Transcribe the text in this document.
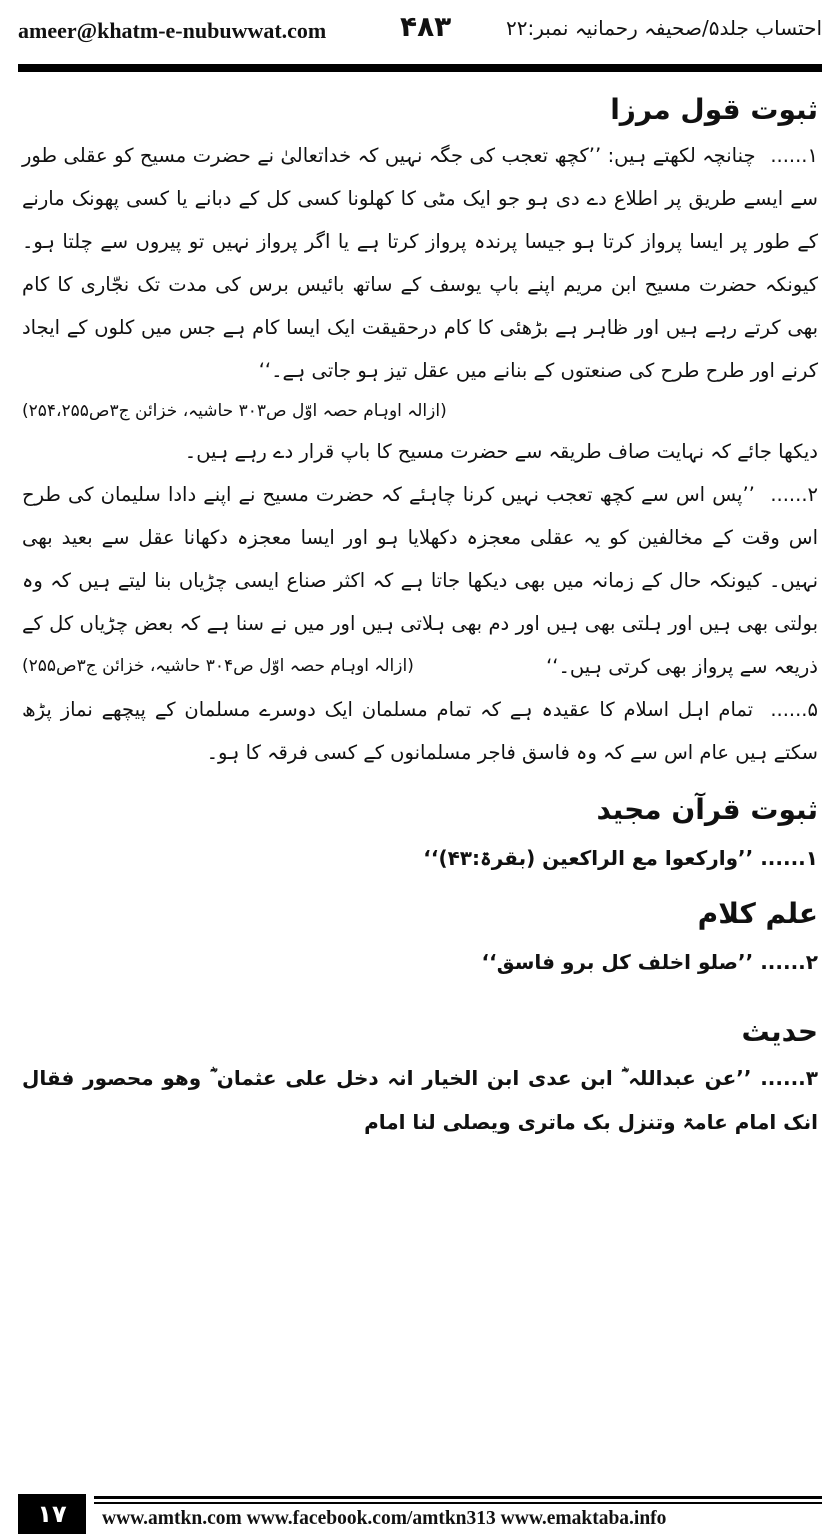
ameer@khatm-e-nubuwwat.com	۴۸۳	احتساب جلد۵/صحیفہ رحمانیہ نمبر:۲۲
ثبوت قول مرزا

۱...... چنانچہ لکھتے ہیں: ’’کچھ تعجب کی جگہ نہیں کہ خداتعالیٰ نے حضرت مسیح کو عقلی طور سے ایسے طریق پر اطلاع دے دی ہو جو ایک مٹی کا کھلونا کسی کل کے دبانے یا کسی پھونک مارنے کے طور پر ایسا پرواز کرتا ہو جیسا پرندہ پرواز کرتا ہے یا اگر پرواز نہیں تو پیروں سے چلتا ہو۔ کیونکہ حضرت مسیح ابن مریم اپنے باپ یوسف کے ساتھ بائیس برس کی مدت تک نجّاری کا کام بھی کرتے رہے ہیں اور ظاہر ہے بڑھئی کا کام درحقیقت ایک ایسا کام ہے جس میں کلوں کے ایجاد کرنے اور طرح طرح کی صنعتوں کے بنانے میں عقل تیز ہو جاتی ہے۔‘‘

(ازالہ اوہام حصہ اوّل ص۳۰۳ حاشیہ، خزائن ج۳ص۲۵۴،۲۵۵)

دیکھا جائے کہ نہایت صاف طریقہ سے حضرت مسیح کا باپ قرار دے رہے ہیں۔

۲...... ’’پس اس سے کچھ تعجب نہیں کرنا چاہئے کہ حضرت مسیح نے اپنے دادا سلیمان کی طرح اس وقت کے مخالفین کو یہ عقلی معجزہ دکھلایا ہو اور ایسا معجزہ دکھانا عقل سے بعید بھی نہیں۔ کیونکہ حال کے زمانہ میں بھی دیکھا جاتا ہے کہ اکثر صناع ایسی چڑیاں بنا لیتے ہیں کہ وہ بولتی بھی ہیں اور ہلتی بھی ہیں اور دم بھی ہلاتی ہیں اور میں نے سنا ہے کہ بعض چڑیاں کل کے ذریعہ سے پرواز بھی کرتی ہیں۔‘‘
(ازالہ اوہام حصہ اوّل ص۳۰۴ حاشیہ، خزائن ج۳ص۲۵۵)

۵...... تمام اہل اسلام کا عقیدہ ہے کہ تمام مسلمان ایک دوسرے مسلمان کے پیچھے نماز پڑھ سکتے ہیں عام اس سے کہ وہ فاسق فاجر مسلمانوں کے کسی فرقہ کا ہو۔

ثبوت قرآن مجید

۱...... ’’وارکعوا مع الراکعین (بقرۃ:۴۳)‘‘

علم کلام

۲...... ’’صلو اخلف کل برو فاسق‘‘

حدیث

۳...... ’’عن عبداللہ ؓ ابن عدی ابن الخیار انہ دخل علی عثمان ؓ وھو محصور فقال انک امام عامۃ وتنزل بک ماتری ویصلی لنا امام

۱۷	www.amtkn.com www.facebook.com/amtkn313 www.emaktaba.info
